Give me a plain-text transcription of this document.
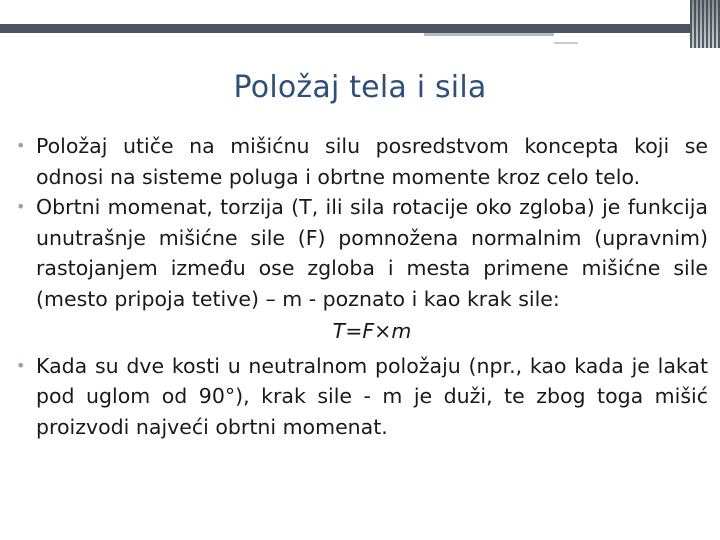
Položaj tela i sila
• Položaj utiče na mišićnu silu posredstvom koncepta koji se odnosi na sisteme poluga i obrtne momente kroz celo telo.
• Obrtni momenat, torzija (T, ili sila rotacije oko zgloba) je funkcija unutrašnje mišićne sile (F) pomnožena normalnim (upravnim) rastojanjem između ose zgloba i mesta primene mišićne sile (mesto pripoja tetive) – m - poznato i kao krak sile:
T=F×m
• Kada su dve kosti u neutralnom položaju (npr., kao kada je lakat pod uglom od 90°), krak sile - m je duži, te zbog toga mišić proizvodi najveći obrtni momenat.
